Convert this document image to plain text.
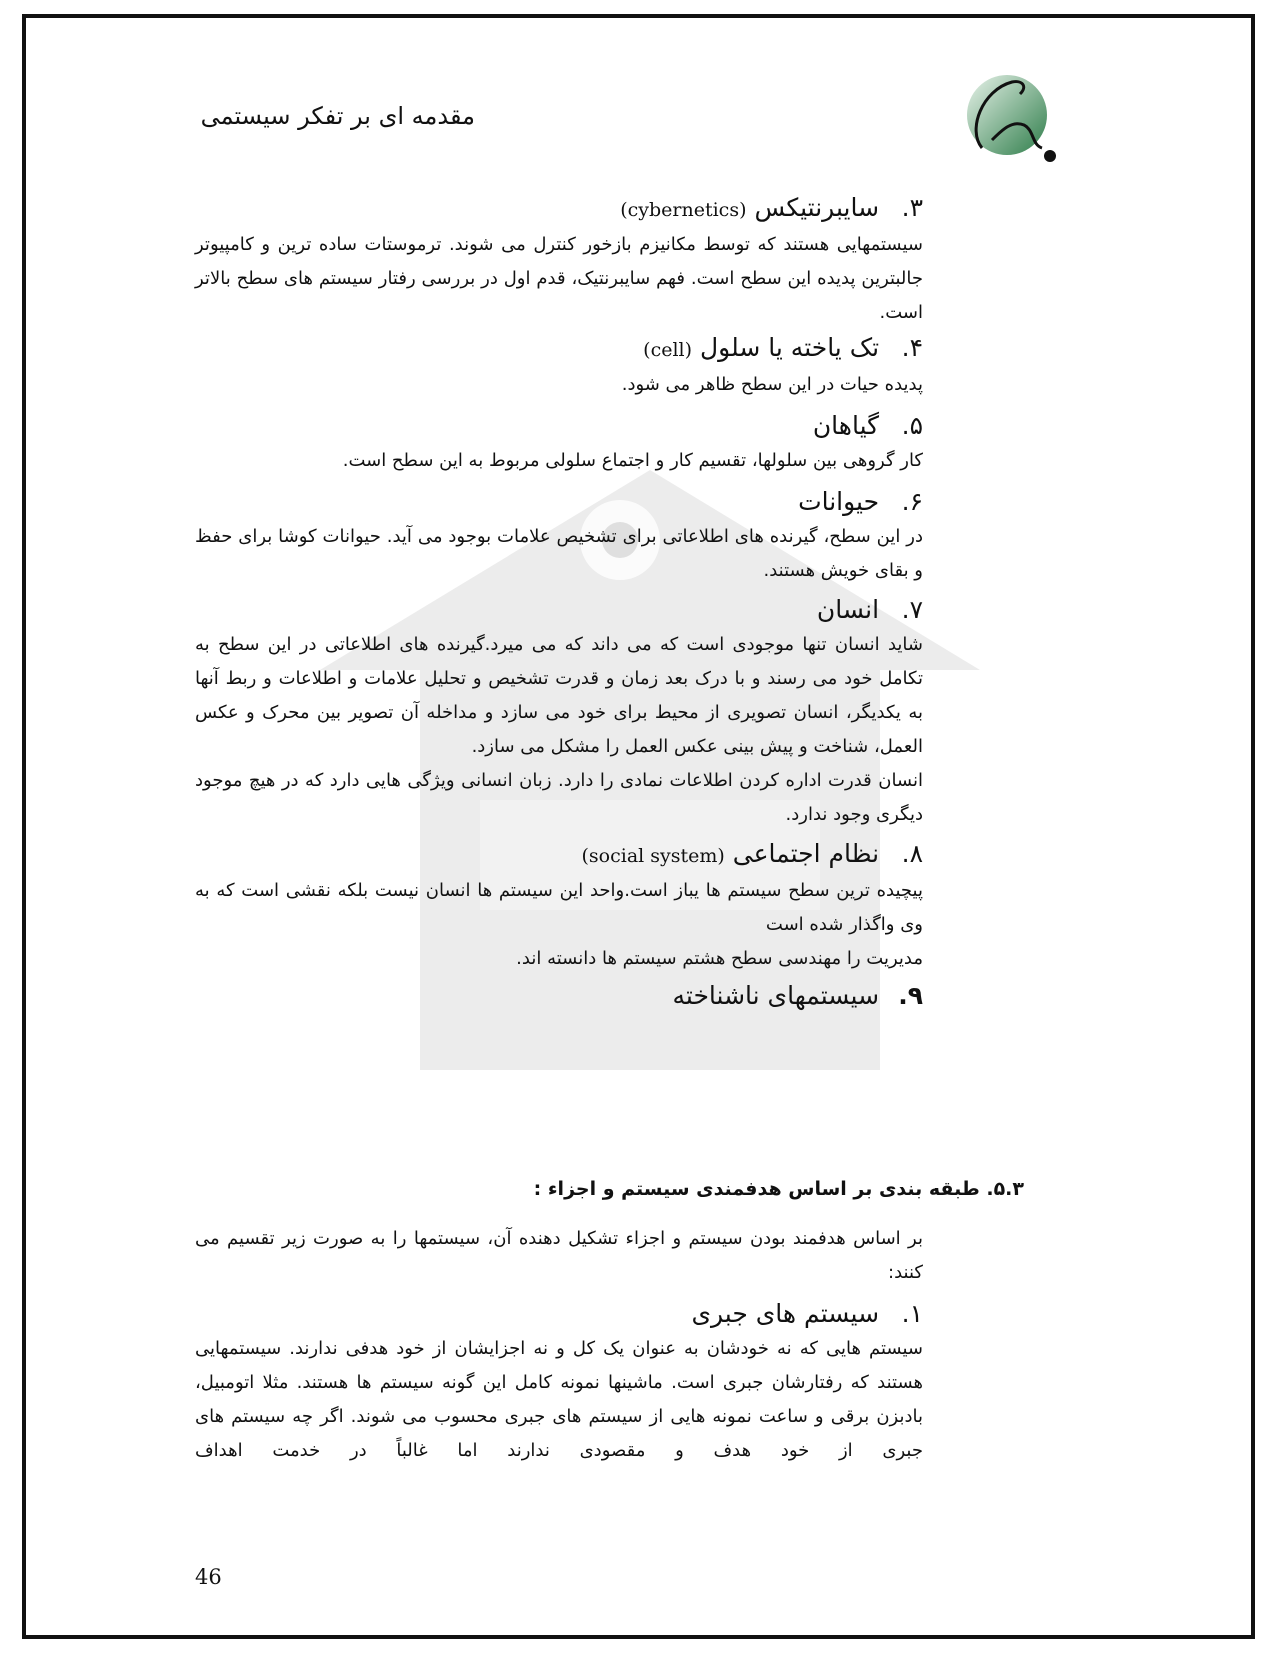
مقدمه ای بر تفکر سیستمی

۳. سایبرنتیکس (cybernetics)

سیستمهایی هستند که توسط مکانیزم بازخور کنترل می شوند. ترموستات ساده ترین و کامپیوتر جالبترین پدیده این سطح است. فهم سایبرنتیک، قدم اول در بررسی رفتار سیستم های سطح بالاتر است.

۴. تک یاخته یا سلول (cell)

پدیده حیات در این سطح ظاهر می شود.

۵. گیاهان

کار گروهی بین سلولها، تقسیم کار و اجتماع سلولی مربوط به این سطح است.

۶. حیوانات

در این سطح، گیرنده های اطلاعاتی برای تشخیص علامات بوجود می آید. حیوانات کوشا برای حفظ و بقای خویش هستند.

۷. انسان

شاید انسان تنها موجودی است که می داند که می میرد.گیرنده های اطلاعاتی در این سطح به تکامل خود می رسند و با درک بعد زمان و قدرت تشخیص و تحلیل علامات و اطلاعات و ربط آنها به یکدیگر، انسان تصویری از محیط برای خود می سازد و مداخله آن تصویر بین محرک و عکس العمل، شناخت و پیش بینی عکس العمل را مشکل می سازد.

انسان قدرت اداره کردن اطلاعات نمادی را دارد. زبان انسانی ویژگی هایی دارد که در هیچ موجود دیگری وجود ندارد.

۸. نظام اجتماعی (social system)

پیچیده ترین سطح سیستم ها یباز است.واحد این سیستم ها انسان نیست بلکه نقشی است که به وی واگذار شده است

مدیریت را مهندسی سطح هشتم سیستم ها دانسته اند.

۹. سیستمهای ناشناخته

۵.۳. طبقه بندی بر اساس هدفمندی سیستم و اجزاء :

بر اساس هدفمند بودن سیستم و اجزاء تشکیل دهنده آن، سیستمها را به صورت زیر تقسیم می کنند:

۱. سیستم های جبری

سیستم هایی که نه خودشان به عنوان یک کل و نه اجزایشان از خود هدفی ندارند. سیستمهایی هستند که رفتارشان جبری است. ماشینها نمونه کامل این گونه سیستم ها هستند. مثلا اتومبیل، بادبزن برقی و ساعت نمونه هایی از سیستم های جبری محسوب می شوند. اگر چه سیستم های جبری از خود هدف و مقصودی ندارند اما غالباً در خدمت اهداف

46
